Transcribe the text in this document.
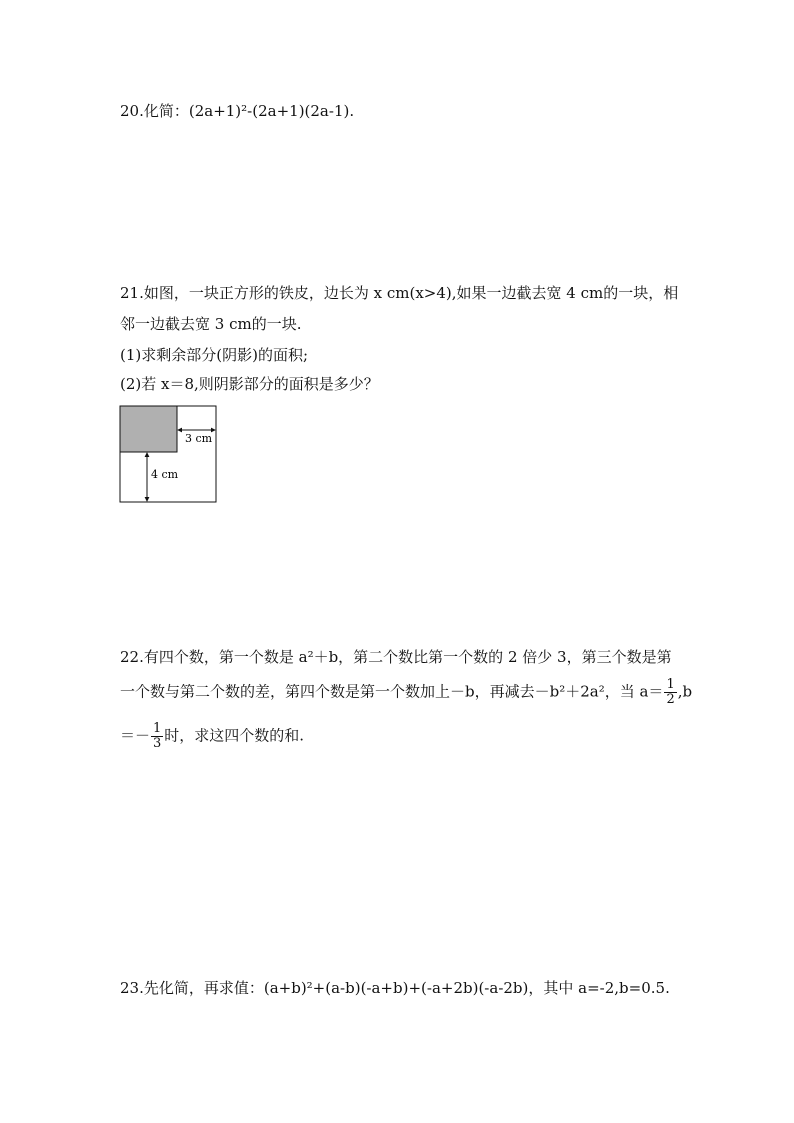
20.化简：(2a+1)²-(2a+1)(2a-1).
21.如图，一块正方形的铁皮，边长为 x cm(x>4),如果一边截去宽 4 cm的一块，相
邻一边截去宽 3 cm的一块.
(1)求剩余部分(阴影)的面积;
(2)若 x＝8,则阴影部分的面积是多少？
3 cm
4 cm
22.有四个数，第一个数是 a²＋b，第二个数比第一个数的 2 倍少 3，第三个数是第
一个数与第二个数的差，第四个数是第一个数加上－b，再减去－b²＋2a²，当 $a= \frac{1}{2} ,b$
＝－ $\frac{1}{3}$ 时，求这四个数的和.
23.先化简，再求值：(a+b)²+(a-b)(-a+b)+(-a+2b)(-a-2b)，其中 a=-2,b=0.5.
